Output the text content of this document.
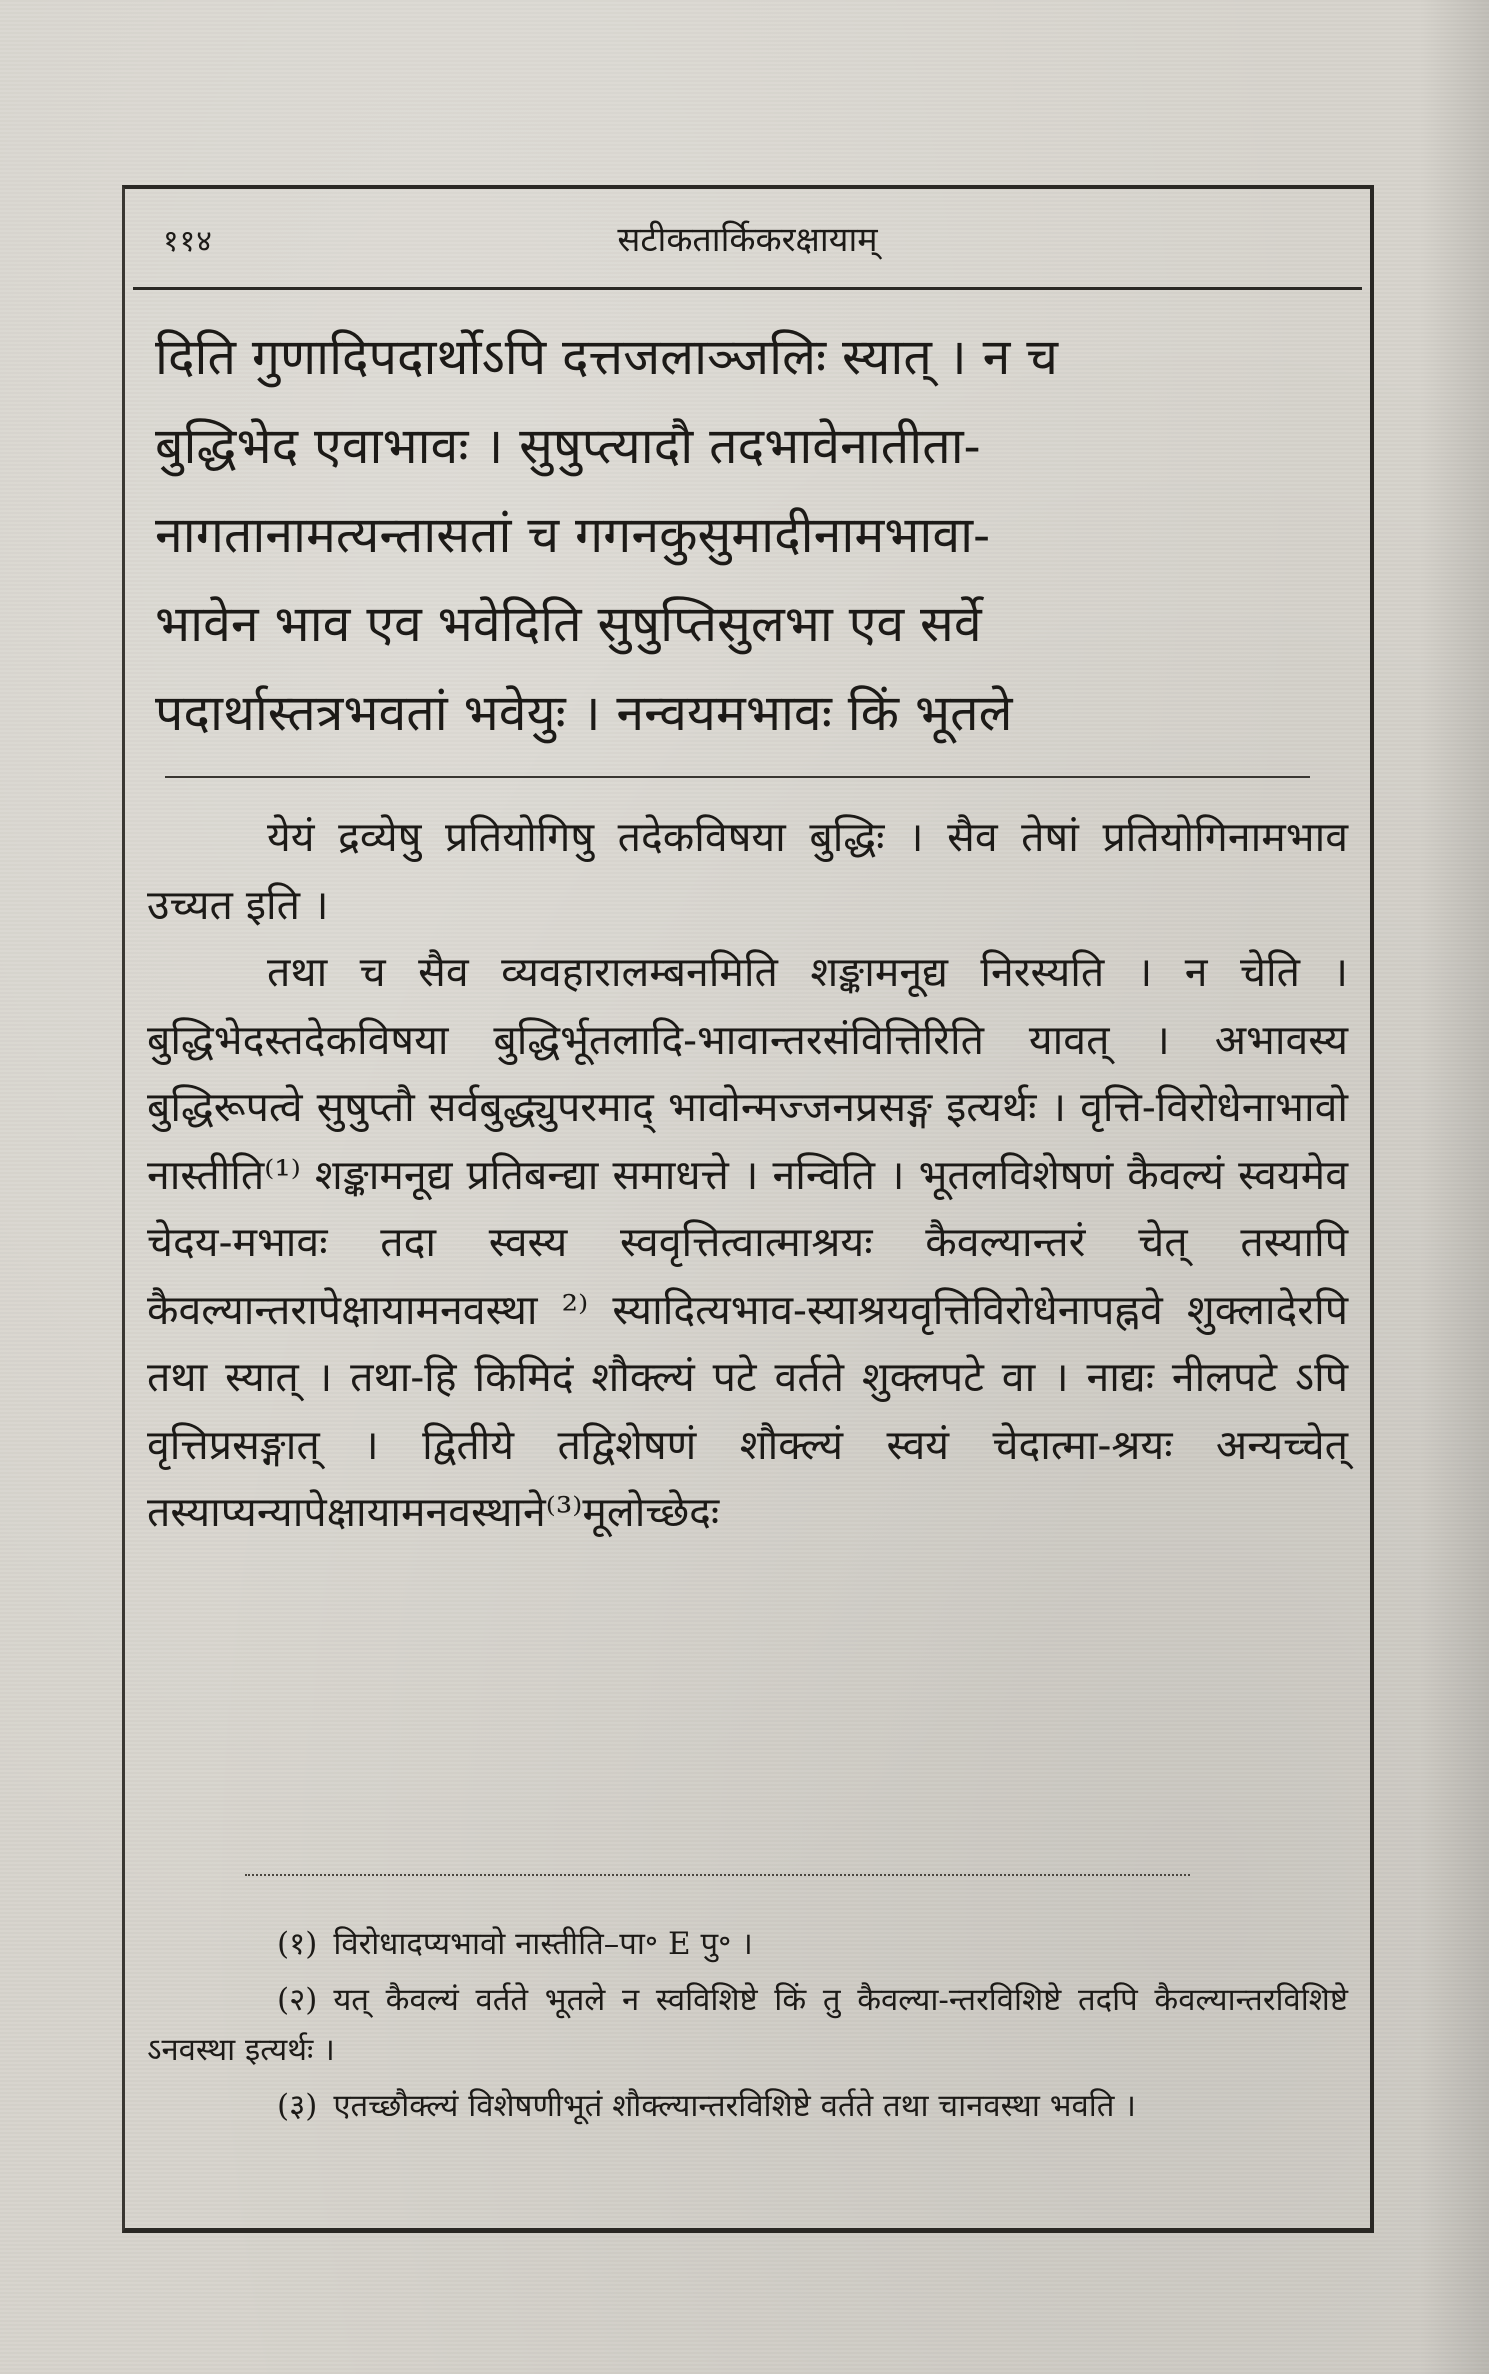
११४	सटीकतार्किकरक्षायाम्

दिति गुणादिपदार्थोऽपि दत्तजलाञ्जलिः स्यात् । न च

बुद्धिभेद एवाभावः । सुषुप्त्यादौ तदभावेनातीता-

नागतानामत्यन्तासतां च गगनकुसुमादीनामभावा-

भावेन भाव एव भवेदिति सुषुप्तिसुलभा एव सर्वे

पदार्थास्तत्रभवतां भवेयुः । नन्वयमभावः किं भूतले

येयं द्रव्येषु प्रतियोगिषु तदेकविषया बुद्धिः । सैव तेषां प्रतियोगिनामभाव उच्यत इति ।

तथा च सैव व्यवहारालम्बनमिति शङ्कामनूद्य निरस्यति । न चेति । बुद्धिभेदस्तदेकविषया बुद्धिर्भूतलादि-भावान्तरसंवित्तिरिति यावत् । अभावस्य बुद्धिरूपत्वे सुषुप्तौ सर्वबुद्ध्युपरमाद् भावोन्मज्जनप्रसङ्ग इत्यर्थः । वृत्ति-विरोधेनाभावो नास्तीति⁽¹⁾ शङ्कामनूद्य प्रतिबन्द्या समाधत्ते । नन्विति । भूतलविशेषणं कैवल्यं स्वयमेव चेदय-मभावः तदा स्वस्य स्ववृत्तित्वात्माश्रयः कैवल्यान्तरं चेत् तस्यापि कैवल्यान्तरापेक्षायामनवस्था ²⁾ स्यादित्यभाव-स्याश्रयवृत्तिविरोधेनापह्नवे शुक्लादेरपि तथा स्यात् । तथा-हि किमिदं शौक्ल्यं पटे वर्तते शुक्लपटे वा । नाद्यः नीलपटे ऽपि वृत्तिप्रसङ्गात् । द्वितीये तद्विशेषणं शौक्ल्यं स्वयं चेदात्मा-श्रयः अन्यच्चेत् तस्याप्यन्यापेक्षायामनवस्थाने⁽³⁾मूलोच्छेदः

(१) विरोधादप्यभावो नास्तीति–पा॰ E पु॰ ।

(२) यत् कैवल्यं वर्तते भूतले न स्वविशिष्टे किं तु कैवल्या-न्तरविशिष्टे तदपि कैवल्यान्तरविशिष्टे ऽनवस्था इत्यर्थः ।

(३) एतच्छौक्ल्यं विशेषणीभूतं शौक्ल्यान्तरविशिष्टे वर्तते तथा चानवस्था भवति ।
